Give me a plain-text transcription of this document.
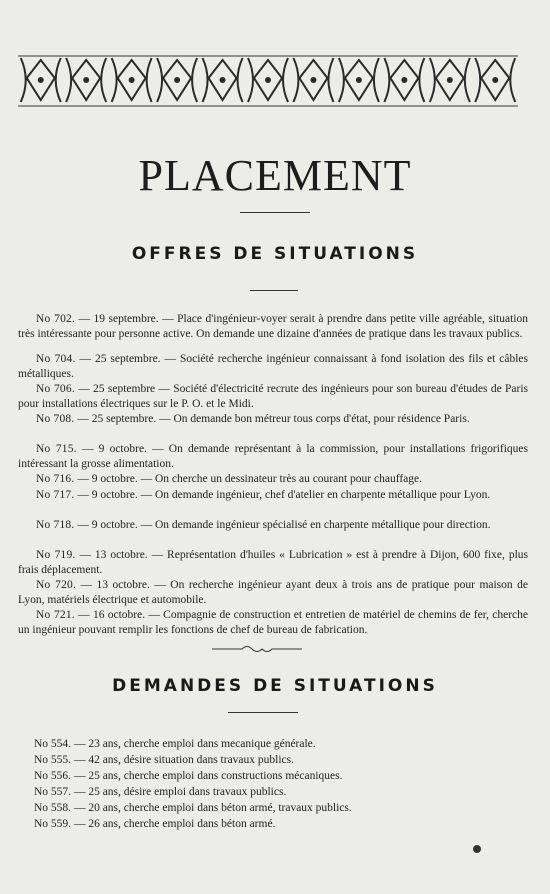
PLACEMENT
OFFRES DE SITUATIONS

No 702. — 19 septembre. — Place d'ingénieur-voyer serait à prendre dans petite ville agréable, situation très intéressante pour personne active. On demande une dizaine d'années de pratique dans les travaux publics.

No 704. — 25 septembre. — Société recherche ingénieur connaissant à fond isolation des fils et câbles métalliques.

No 706. — 25 septembre — Société d'électricité recrute des ingénieurs pour son bureau d'études de Paris pour installations électriques sur le P. O. et le Midi.

No 708. — 25 septembre. — On demande bon métreur tous corps d'état, pour résidence Paris.

No 715. — 9 octobre. — On demande représentant à la commission, pour installations frigorifiques intéressant la grosse alimentation.

No 716. — 9 octobre. — On cherche un dessinateur très au courant pour chauffage.

No 717. — 9 octobre. — On demande ingénieur, chef d'atelier en charpente métallique pour Lyon.

No 718. — 9 octobre. — On demande ingénieur spécialisé en charpente métallique pour direction.

No 719. — 13 octobre. — Représentation d'huiles « Lubrication » est à prendre à Dijon, 600 fixe, plus frais déplacement.

No 720. — 13 octobre. — On recherche ingénieur ayant deux à trois ans de pratique pour maison de Lyon, matériels électrique et automobile.

No 721. — 16 octobre. — Compagnie de construction et entretien de matériel de chemins de fer, cherche un ingénieur pouvant remplir les fonctions de chef de bureau de fabrication.

DEMANDES DE SITUATIONS
No 554. — 23 ans, cherche emploi dans mecanique générale.
No 555. — 42 ans, désire situation dans travaux publics.
No 556. — 25 ans, cherche emploi dans constructions mécaniques.
No 557. — 25 ans, désire emploi dans travaux publics.
No 558. — 20 ans, cherche emploi dans béton armé, travaux publics.
No 559. — 26 ans, cherche emploi dans béton armé.
